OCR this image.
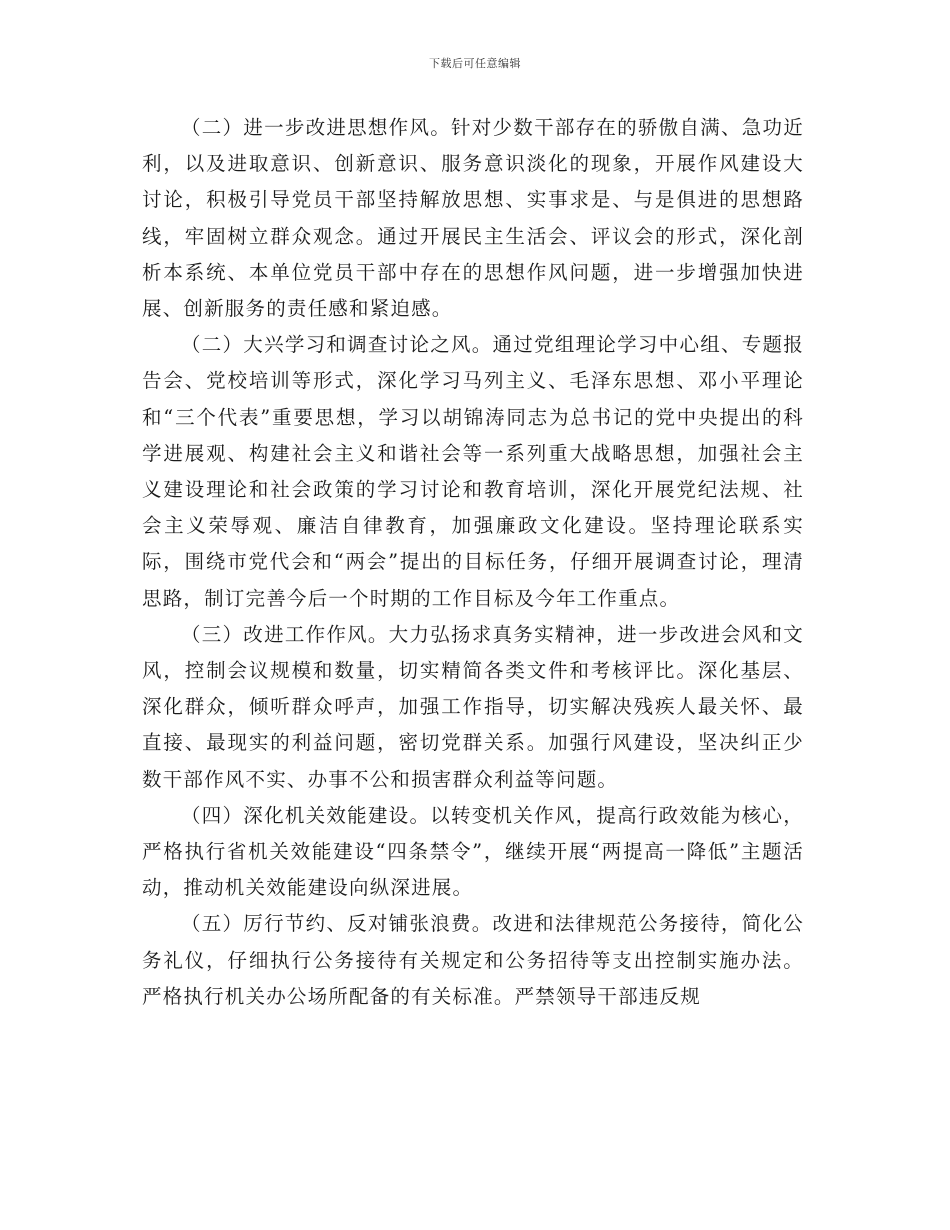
下载后可任意编辑

（二）进一步改进思想作风。针对少数干部存在的骄傲自满、急功近利，以及进取意识、创新意识、服务意识淡化的现象，开展作风建设大讨论，积极引导党员干部坚持解放思想、实事求是、与是俱进的思想路线，牢固树立群众观念。通过开展民主生活会、评议会的形式，深化剖析本系统、本单位党员干部中存在的思想作风问题，进一步增强加快进展、创新服务的责任感和紧迫感。

（二）大兴学习和调查讨论之风。通过党组理论学习中心组、专题报告会、党校培训等形式，深化学习马列主义、毛泽东思想、邓小平理论和“三个代表”重要思想，学习以胡锦涛同志为总书记的党中央提出的科学进展观、构建社会主义和谐社会等一系列重大战略思想，加强社会主义建设理论和社会政策的学习讨论和教育培训，深化开展党纪法规、社会主义荣辱观、廉洁自律教育，加强廉政文化建设。坚持理论联系实际，围绕市党代会和“两会”提出的目标任务，仔细开展调查讨论，理清思路，制订完善今后一个时期的工作目标及今年工作重点。

（三）改进工作作风。大力弘扬求真务实精神，进一步改进会风和文风，控制会议规模和数量，切实精简各类文件和考核评比。深化基层、深化群众，倾听群众呼声，加强工作指导，切实解决残疾人最关怀、最直接、最现实的利益问题，密切党群关系。加强行风建设，坚决纠正少数干部作风不实、办事不公和损害群众利益等问题。

（四）深化机关效能建设。以转变机关作风，提高行政效能为核心，严格执行省机关效能建设“四条禁令”，继续开展“两提高一降低”主题活动，推动机关效能建设向纵深进展。

（五）厉行节约、反对铺张浪费。改进和法律规范公务接待，简化公务礼仪，仔细执行公务接待有关规定和公务招待等支出控制实施办法。严格执行机关办公场所配备的有关标准。严禁领导干部违反规
